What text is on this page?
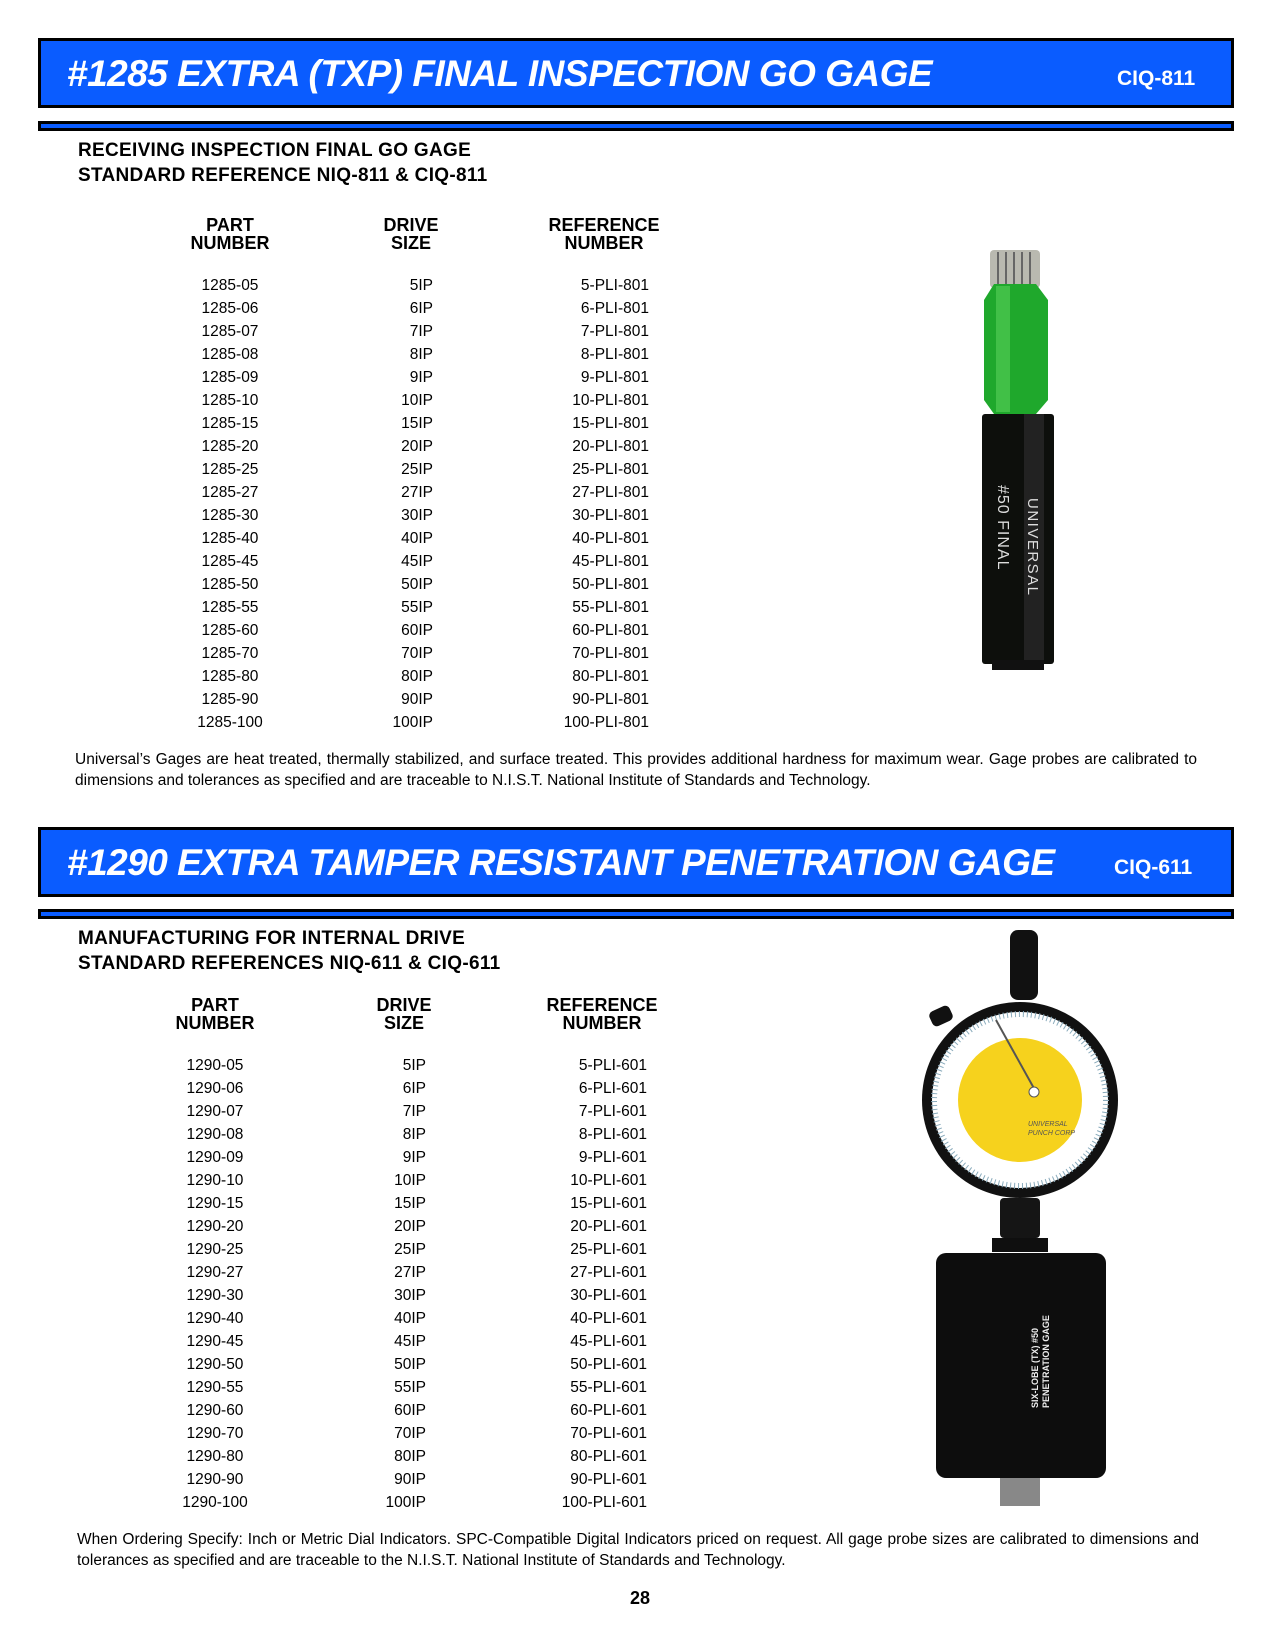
#1285 EXTRA (TXP) FINAL INSPECTION GO GAGE	CIQ-811
RECEIVING INSPECTION FINAL GO GAGE
STANDARD REFERENCE NIQ-811 & CIQ-811
PART
NUMBER
DRIVE
SIZE
REFERENCE
NUMBER
1285-05	5IP	5-PLI-801
1285-06	6IP	6-PLI-801
1285-07	7IP	7-PLI-801
1285-08	8IP	8-PLI-801
1285-09	9IP	9-PLI-801
1285-10	10IP	10-PLI-801
1285-15	15IP	15-PLI-801
1285-20	20IP	20-PLI-801
1285-25	25IP	25-PLI-801
1285-27	27IP	27-PLI-801
1285-30	30IP	30-PLI-801
1285-40	40IP	40-PLI-801
1285-45	45IP	45-PLI-801
1285-50	50IP	50-PLI-801
1285-55	55IP	55-PLI-801
1285-60	60IP	60-PLI-801
1285-70	70IP	70-PLI-801
1285-80	80IP	80-PLI-801
1285-90	90IP	90-PLI-801
1285-100	100IP	100-PLI-801
Universal’s Gages are heat treated, thermally stabilized, and surface treated. This provides additional hardness for maximum wear. Gage probes are calibrated to dimensions and tolerances as specified and are traceable to N.I.S.T. National Institute of Standards and Technology.
UNIVERSAL
#50 FINAL
#1290 EXTRA TAMPER RESISTANT PENETRATION GAGE	CIQ-611
MANUFACTURING FOR INTERNAL DRIVE
STANDARD REFERENCES NIQ-611 & CIQ-611
PART
NUMBER
DRIVE
SIZE
REFERENCE
NUMBER
1290-05	5IP	5-PLI-601
1290-06	6IP	6-PLI-601
1290-07	7IP	7-PLI-601
1290-08	8IP	8-PLI-601
1290-09	9IP	9-PLI-601
1290-10	10IP	10-PLI-601
1290-15	15IP	15-PLI-601
1290-20	20IP	20-PLI-601
1290-25	25IP	25-PLI-601
1290-27	27IP	27-PLI-601
1290-30	30IP	30-PLI-601
1290-40	40IP	40-PLI-601
1290-45	45IP	45-PLI-601
1290-50	50IP	50-PLI-601
1290-55	55IP	55-PLI-601
1290-60	60IP	60-PLI-601
1290-70	70IP	70-PLI-601
1290-80	80IP	80-PLI-601
1290-90	90IP	90-PLI-601
1290-100	100IP	100-PLI-601
When Ordering Specify: Inch or Metric Dial Indicators. SPC-Compatible Digital Indicators priced on request. All gage probe sizes are calibrated to dimensions and tolerances as specified and are traceable to the N.I.S.T. National Institute of Standards and Technology.
UNIVERSAL
PUNCH CORP
SIX-LOBE (TX) #50 PENETRATION GAGE
28
